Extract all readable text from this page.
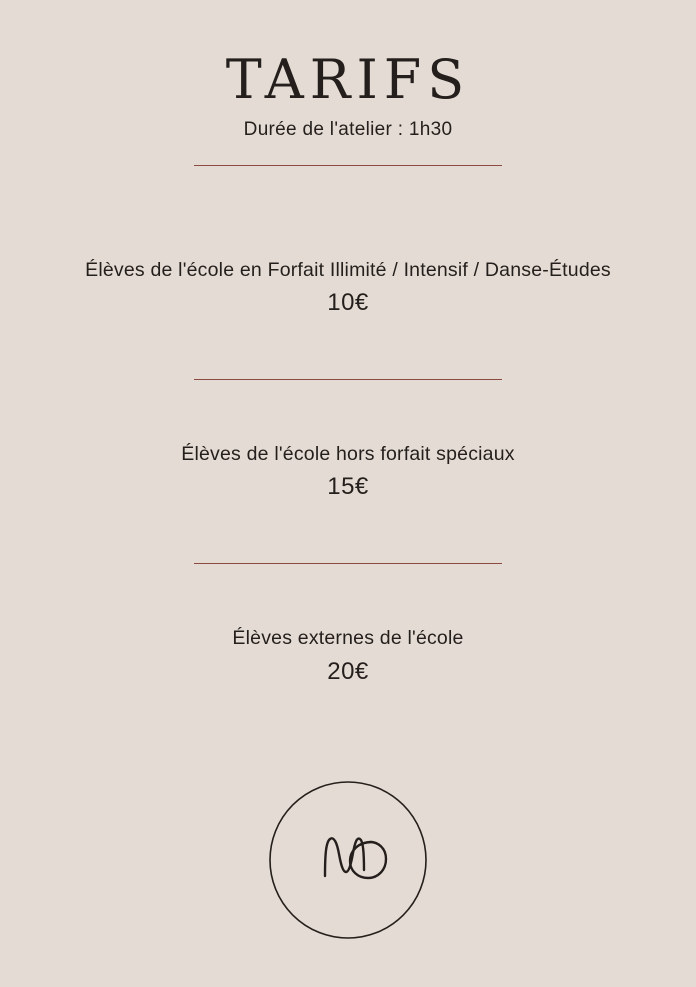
TARIFS
Durée de l'atelier : 1h30
Élèves de l'école en Forfait Illimité / Intensif / Danse-Études
10€
Élèves de l'école hors forfait spéciaux
15€
Élèves externes de l'école
20€
